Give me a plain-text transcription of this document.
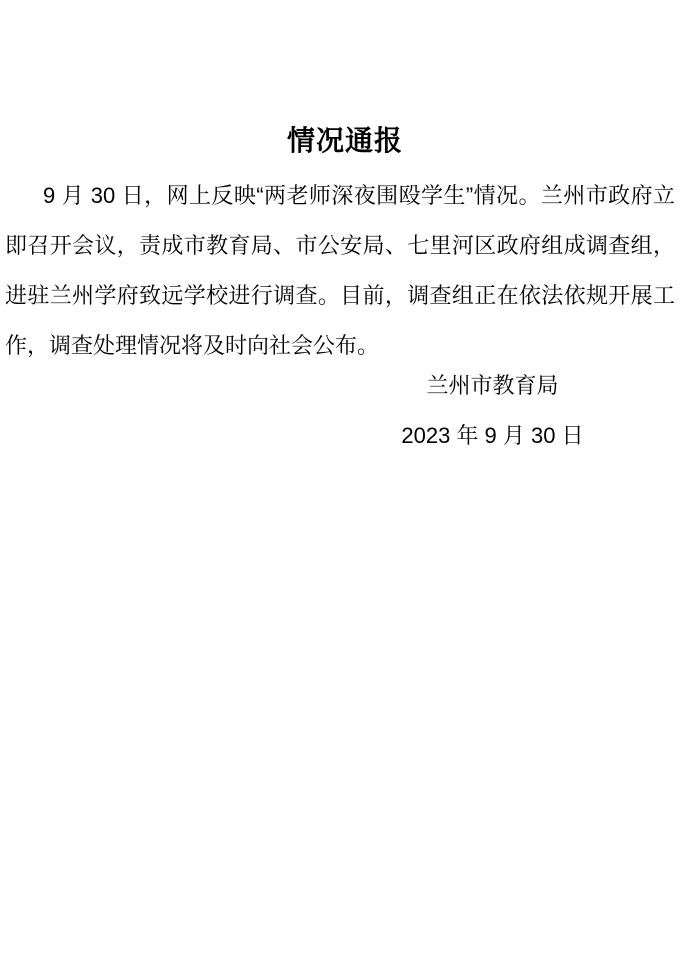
情况通报
9 月 30 日，网上反映“两老师深夜围殴学生”情况。兰州市政府立
即召开会议，责成市教育局、市公安局、七里河区政府组成调查组，
进驻兰州学府致远学校进行调查。目前，调查组正在依法依规开展工
作，调查处理情况将及时向社会公布。
兰州市教育局
2023 年 9 月 30 日
